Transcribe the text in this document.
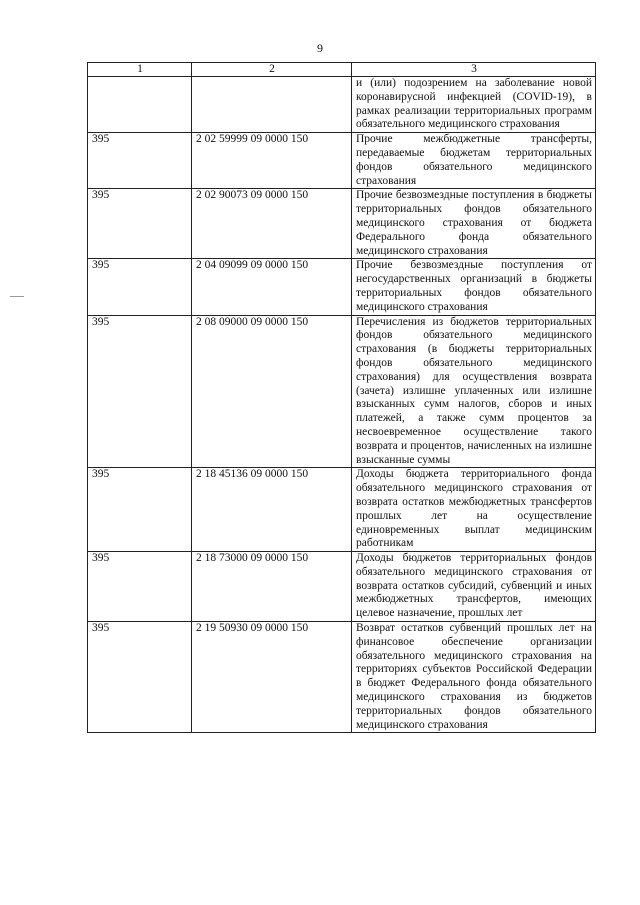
9
1	2	3
		и (или) подозрением на заболевание новой коронавирусной инфекцией (COVID-19), в рамках реализации территориальных программ обязательного медицинского страхования
395	2 02 59999 09 0000 150	Прочие межбюджетные трансферты, передаваемые бюджетам территориальных фондов обязательного медицинского страхования
395	2 02 90073 09 0000 150	Прочие безвозмездные поступления в бюджеты территориальных фондов обязательного медицинского страхования от бюджета Федерального фонда обязательного медицинского страхования
395	2 04 09099 09 0000 150	Прочие безвозмездные поступления от негосударственных организаций в бюджеты территориальных фондов обязательного медицинского страхования
395	2 08 09000 09 0000 150	Перечисления из бюджетов территориальных фондов обязательного медицинского страхования (в бюджеты территориальных фондов обязательного медицинского страхования) для осуществления возврата (зачета) излишне уплаченных или излишне взысканных сумм налогов, сборов и иных платежей, а также сумм процентов за несвоевременное осуществление такого возврата и процентов, начисленных на излишне взысканные суммы
395	2 18 45136 09 0000 150	Доходы бюджета территориального фонда обязательного медицинского страхования от возврата остатков межбюджетных трансфертов прошлых лет на осуществление единовременных выплат медицинским работникам
395	2 18 73000 09 0000 150	Доходы бюджетов территориальных фондов обязательного медицинского страхования от возврата остатков субсидий, субвенций и иных межбюджетных трансфертов, имеющих целевое назначение, прошлых лет
395	2 19 50930 09 0000 150	Возврат остатков субвенций прошлых лет на финансовое обеспечение организации обязательного медицинского страхования на территориях субъектов Российской Федерации в бюджет Федерального фонда обязательного медицинского страхования из бюджетов территориальных фондов обязательного медицинского страхования
